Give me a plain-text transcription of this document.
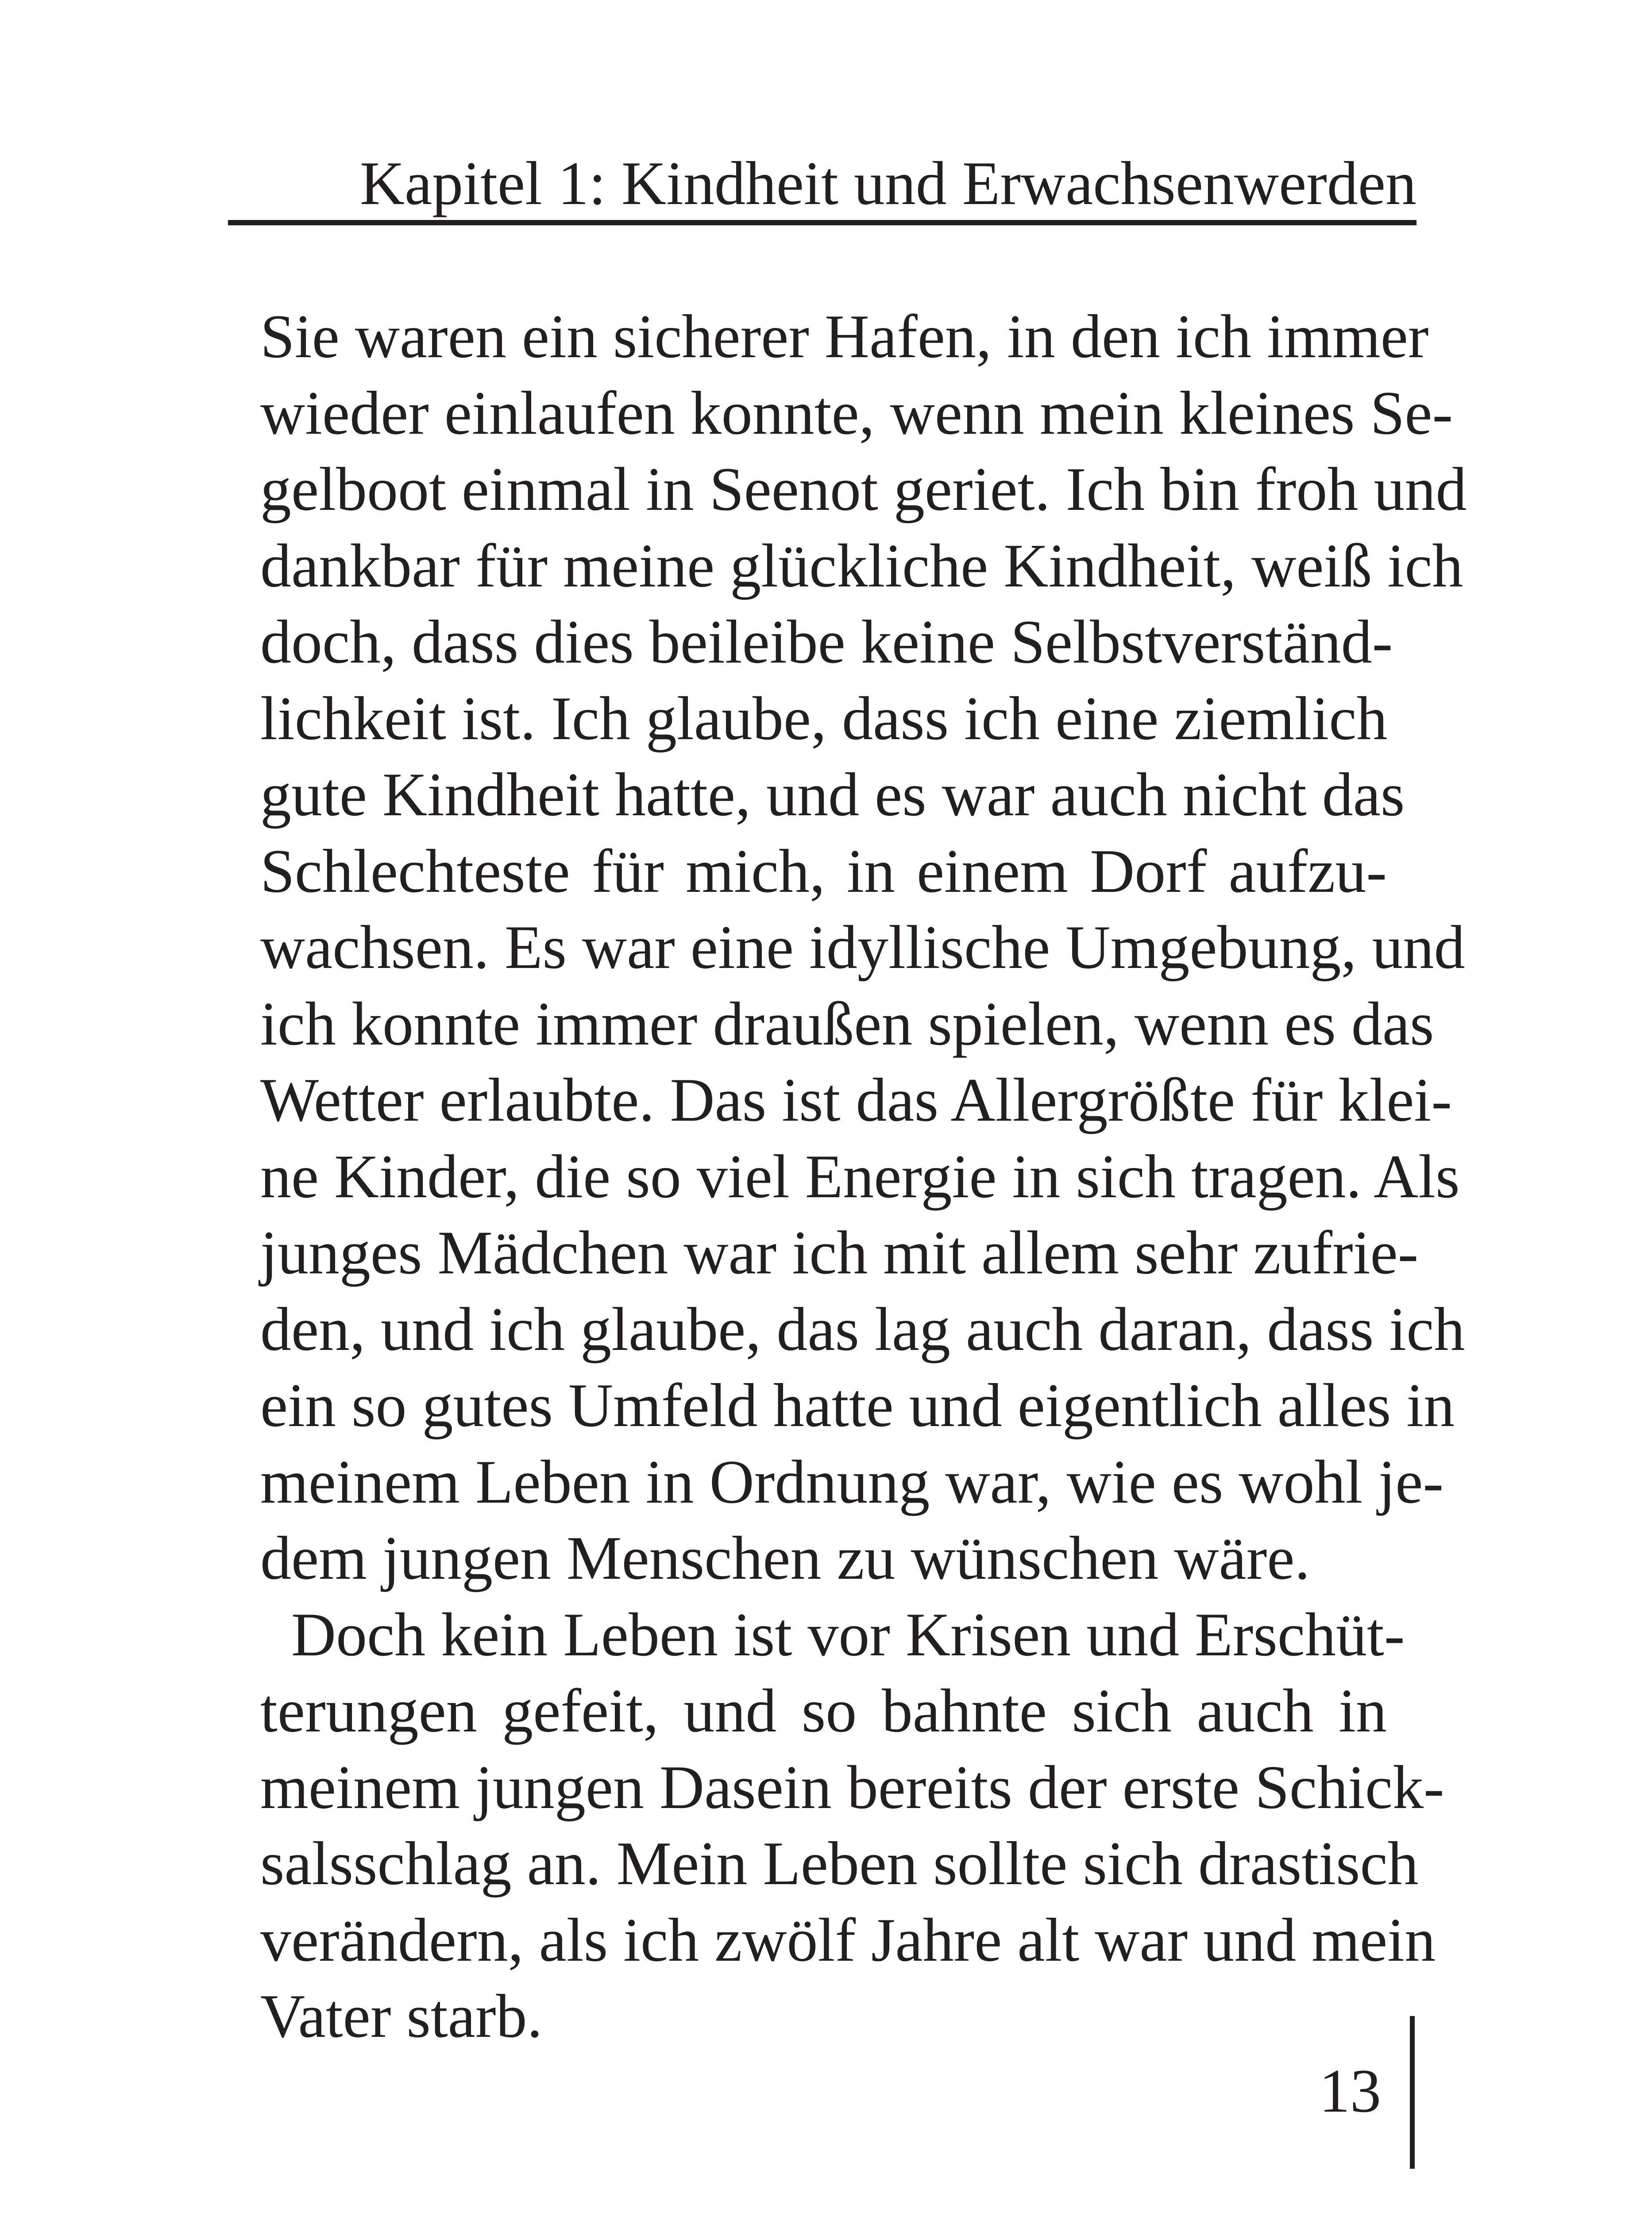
Kapitel 1: Kindheit und Erwachsenwerden
Sie waren ein sicherer Hafen, in den ich immer
wieder einlaufen konnte, wenn mein kleines Se-
gelboot einmal in Seenot geriet. Ich bin froh und
dankbar für meine glückliche Kindheit, weiß ich
doch, dass dies beileibe keine Selbstverständ-
lichkeit ist. Ich glaube, dass ich eine ziemlich
gute Kindheit hatte, und es war auch nicht das
Schlechteste für mich, in einem Dorf aufzu-
wachsen. Es war eine idyllische Umgebung, und
ich konnte immer draußen spielen, wenn es das
Wetter erlaubte. Das ist das Allergrößte für klei-
ne Kinder, die so viel Energie in sich tragen. Als
junges Mädchen war ich mit allem sehr zufrie-
den, und ich glaube, das lag auch daran, dass ich
ein so gutes Umfeld hatte und eigentlich alles in
meinem Leben in Ordnung war, wie es wohl je-
dem jungen Menschen zu wünschen wäre.
Doch kein Leben ist vor Krisen und Erschüt-
terungen gefeit, und so bahnte sich auch in
meinem jungen Dasein bereits der erste Schick-
salsschlag an. Mein Leben sollte sich drastisch
verändern, als ich zwölf Jahre alt war und mein
Vater starb.
13
